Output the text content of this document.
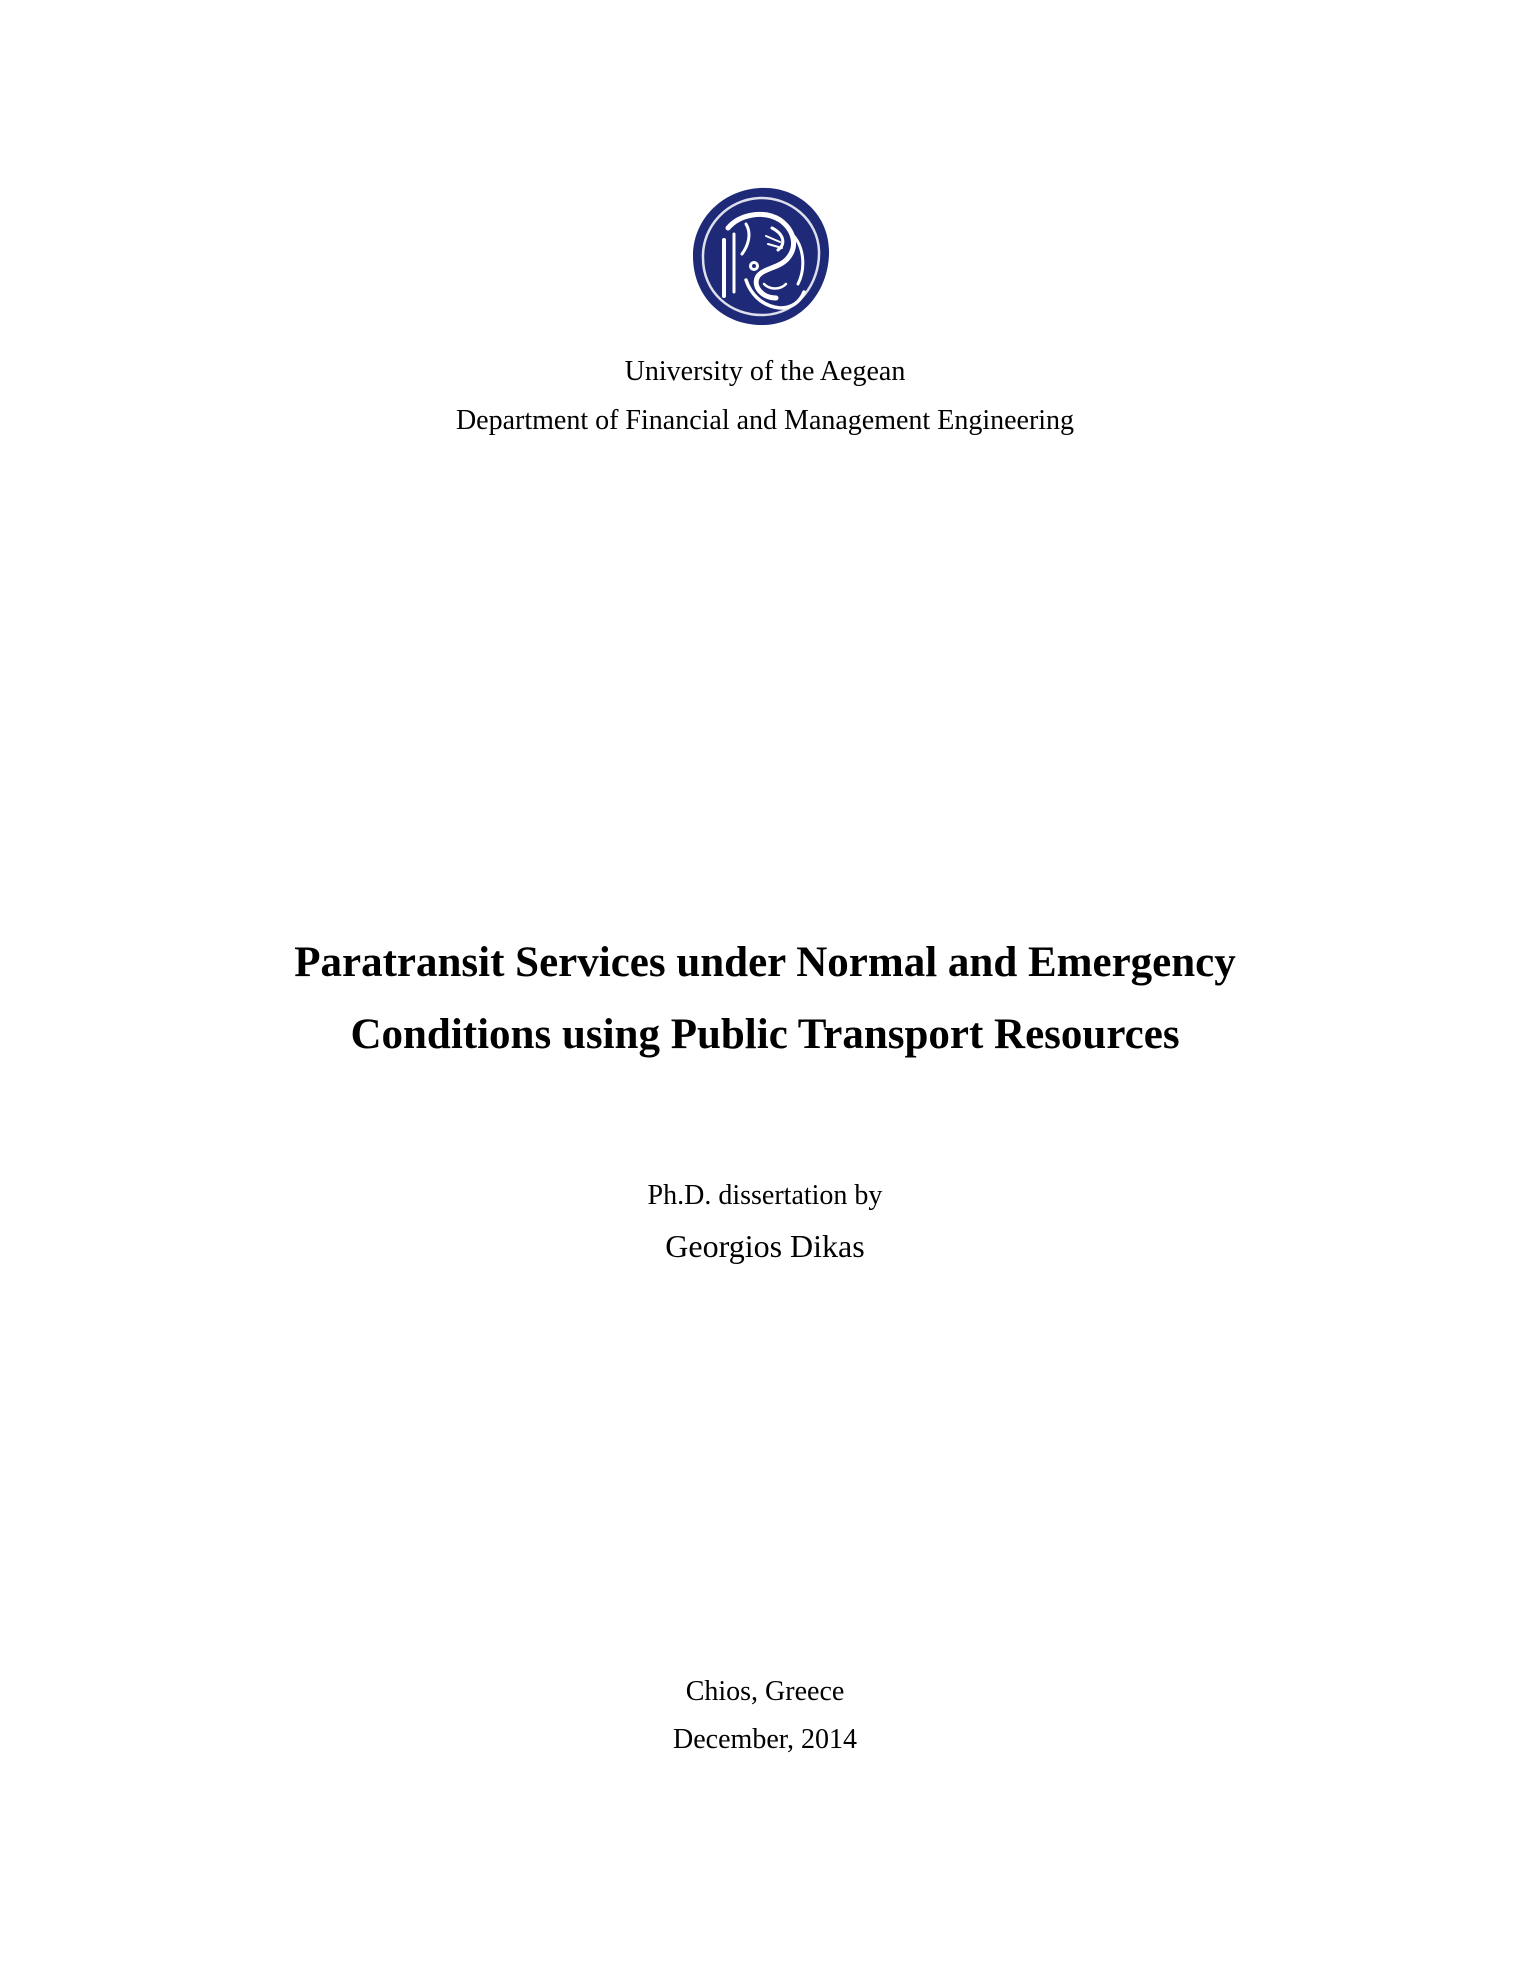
University of the Aegean
Department of Financial and Management Engineering
Paratransit Services under Normal and Emergency
Conditions using Public Transport Resources
Ph.D. dissertation by
Georgios Dikas
Chios, Greece
December, 2014
